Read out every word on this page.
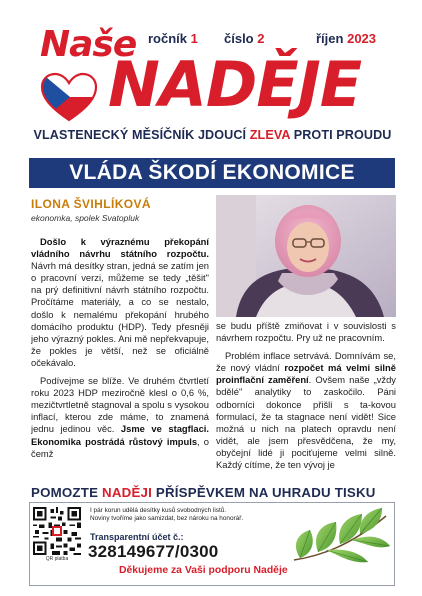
Naše ročník 1 číslo 2	říjen 2023
NADĚJE
VLASTENECKÝ MĚSÍČNÍK JDOUCÍ ZLEVA PROTI PROUDU
VLÁDA ŠKODÍ EKONOMICE
ILONA ŠVIHLÍKOVÁ
ekonomka, spolek Svatopluk

Došlo k výraznému překopání vládního návrhu státního rozpočtu. Návrh má desítky stran, jedná se zatím jen o pracovní verzi, můžeme se tedy „těšit" na prý definitivní návrh státního rozpočtu. Pročítáme materiály, a co se nestalo, došlo k nemalému překopání hrubého domácího produktu (HDP). Tedy přesněji jeho výrazný pokles. Ani mě nepřekvapuje, že pokles je větší, než se oficiálně očekávalo.

Podívejme se blíže. Ve druhém čtvrtletí roku 2023 HDP meziročně klesl o 0,6 %, mezičtvrtletně stagnoval a spolu s vysokou inflací, kterou zde máme, to znamená jednu jedinou věc. Jsme ve stagflaci. Ekonomika postrádá růstový impuls, o čemž

se budu příště zmiňovat i v souvislosti s návrhem rozpočtu. Pry už ne pracovním.

Problém inflace setrvává. Domnívám se, že nový vládní rozpočet má velmi silně proinflační zaměření. Ovšem naše „vždy bdělé" analytiky to zaskočilo. Páni odborníci dokonce přišli s ta-kovou formulací, že ta stagnace není vidět! Sice možná u nich na platech opravdu není vidět, ale jsem přesvědčena, že my, obyčejní lidé ji pociťujeme velmi silně. Každý cítíme, že ten vývoj je

POMOZTE NADĚJI PŘÍSPĚVKEM NA UHRADU TISKU
QR platba
I pár korun udělá desítky kusů svobodných listů.
Noviny tvoříme jako samizdat, bez nároku na honorář.
Transparentní účet č.:
328149677/0300
Děkujeme za Vaši podporu Naděje
